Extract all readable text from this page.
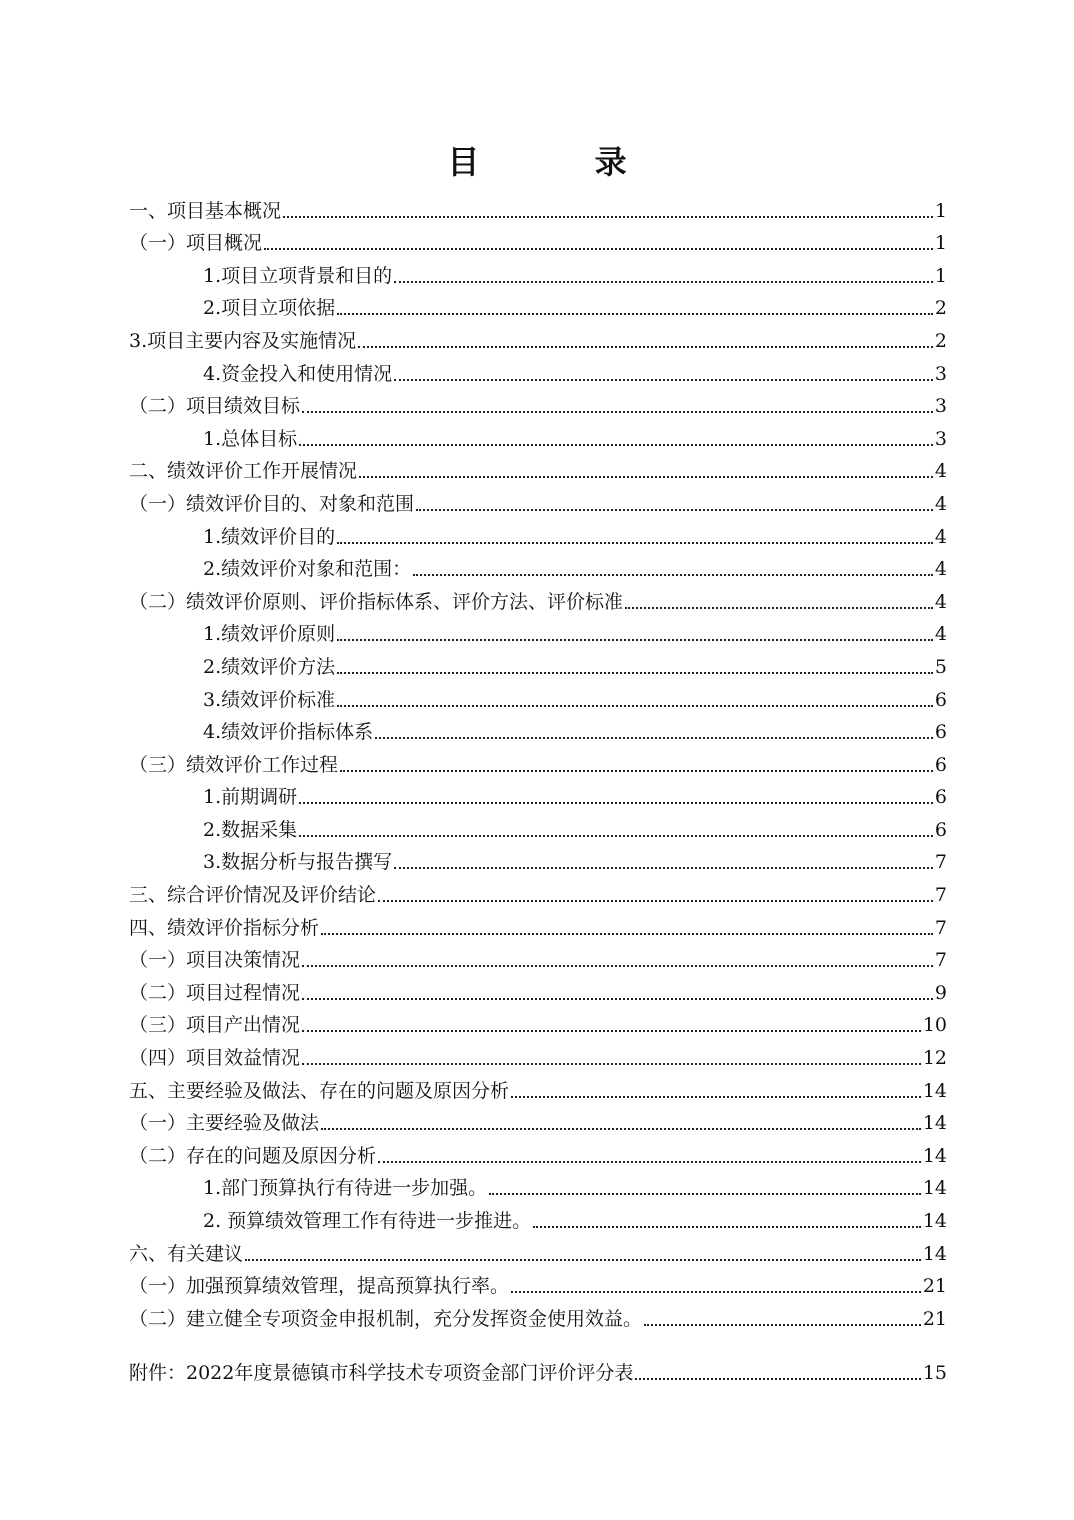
目 录
一、项目基本概况	1
（一）项目概况	1
1.项目立项背景和目的	1
2.项目立项依据	2
3.项目主要内容及实施情况	2
4.资金投入和使用情况	3
（二）项目绩效目标	3
1.总体目标	3
二、绩效评价工作开展情况	4
（一）绩效评价目的、对象和范围	4
1.绩效评价目的	4
2.绩效评价对象和范围：	4
（二）绩效评价原则、评价指标体系、评价方法、评价标准	4
1.绩效评价原则	4
2.绩效评价方法	5
3.绩效评价标准	6
4.绩效评价指标体系	6
（三）绩效评价工作过程	6
1.前期调研	6
2.数据采集	6
3.数据分析与报告撰写	7
三、综合评价情况及评价结论	7
四、绩效评价指标分析	7
（一）项目决策情况	7
（二）项目过程情况	9
（三）项目产出情况	10
（四）项目效益情况	12
五、主要经验及做法、存在的问题及原因分析	14
（一）主要经验及做法	14
（二）存在的问题及原因分析	14
1.部门预算执行有待进一步加强。	14
2. 预算绩效管理工作有待进一步推进。	14
六、有关建议	14
（一）加强预算绩效管理，提高预算执行率。	21
（二）建立健全专项资金申报机制，充分发挥资金使用效益。	21
附件：2022年度景德镇市科学技术专项资金部门评价评分表	15
